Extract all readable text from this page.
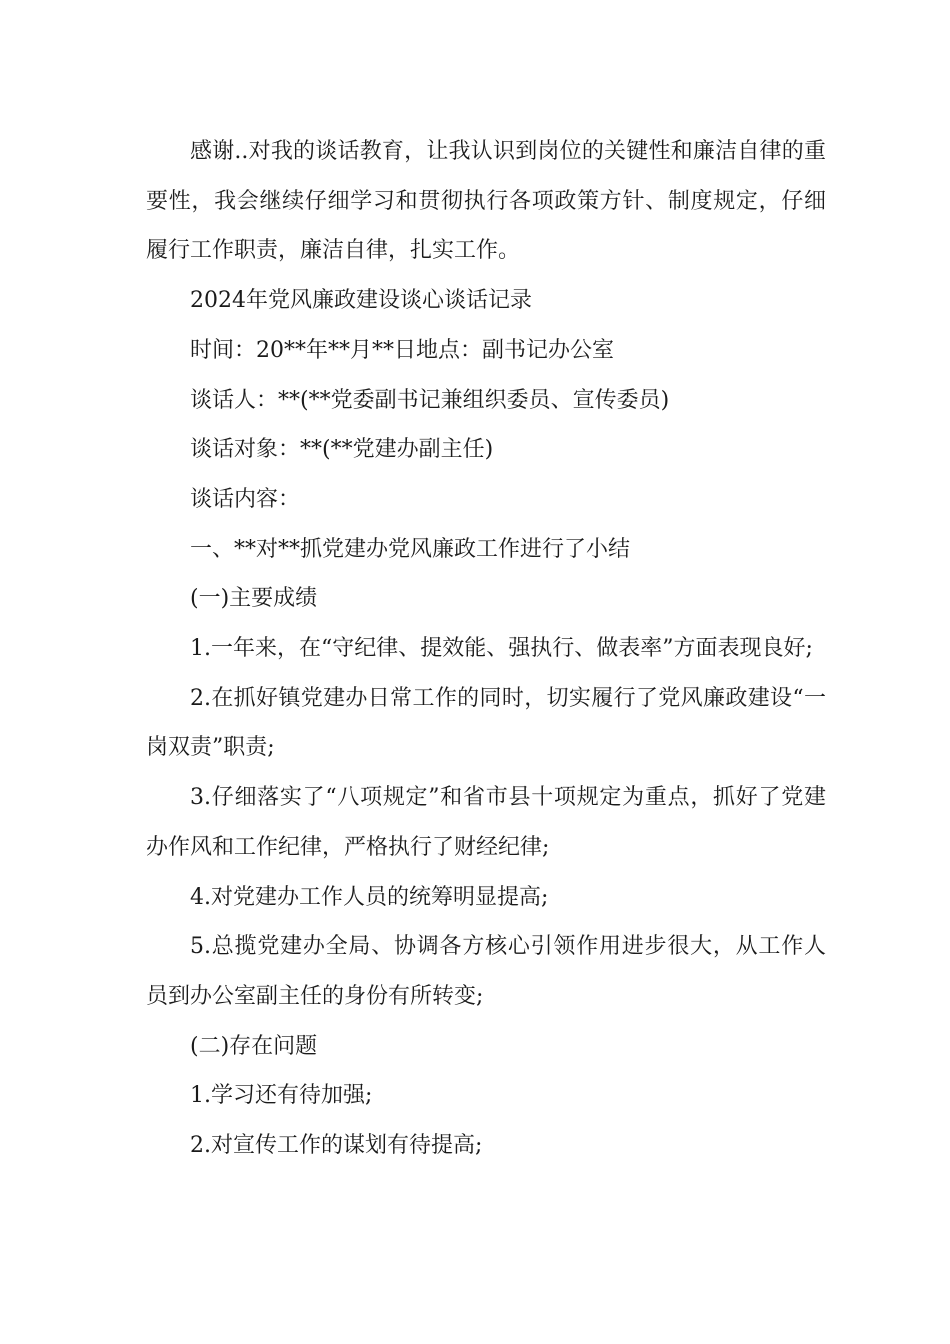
感谢..对我的谈话教育，让我认识到岗位的关键性和廉洁自律的重要性，我会继续仔细学习和贯彻执行各项政策方针、制度规定，仔细履行工作职责，廉洁自律，扎实工作。

2024年党风廉政建设谈心谈话记录

时间：20**年**月**日地点：副书记办公室

谈话人：**(**党委副书记兼组织委员、宣传委员)

谈话对象：**(**党建办副主任)

谈话内容：

一、**对**抓党建办党风廉政工作进行了小结

(一)主要成绩

1.一年来，在“守纪律、提效能、强执行、做表率”方面表现良好;

2.在抓好镇党建办日常工作的同时，切实履行了党风廉政建设“一岗双责”职责;

3.仔细落实了“八项规定”和省市县十项规定为重点，抓好了党建办作风和工作纪律，严格执行了财经纪律;

4.对党建办工作人员的统筹明显提高;

5.总揽党建办全局、协调各方核心引领作用进步很大，从工作人员到办公室副主任的身份有所转变;

(二)存在问题

1.学习还有待加强;

2.对宣传工作的谋划有待提高;
